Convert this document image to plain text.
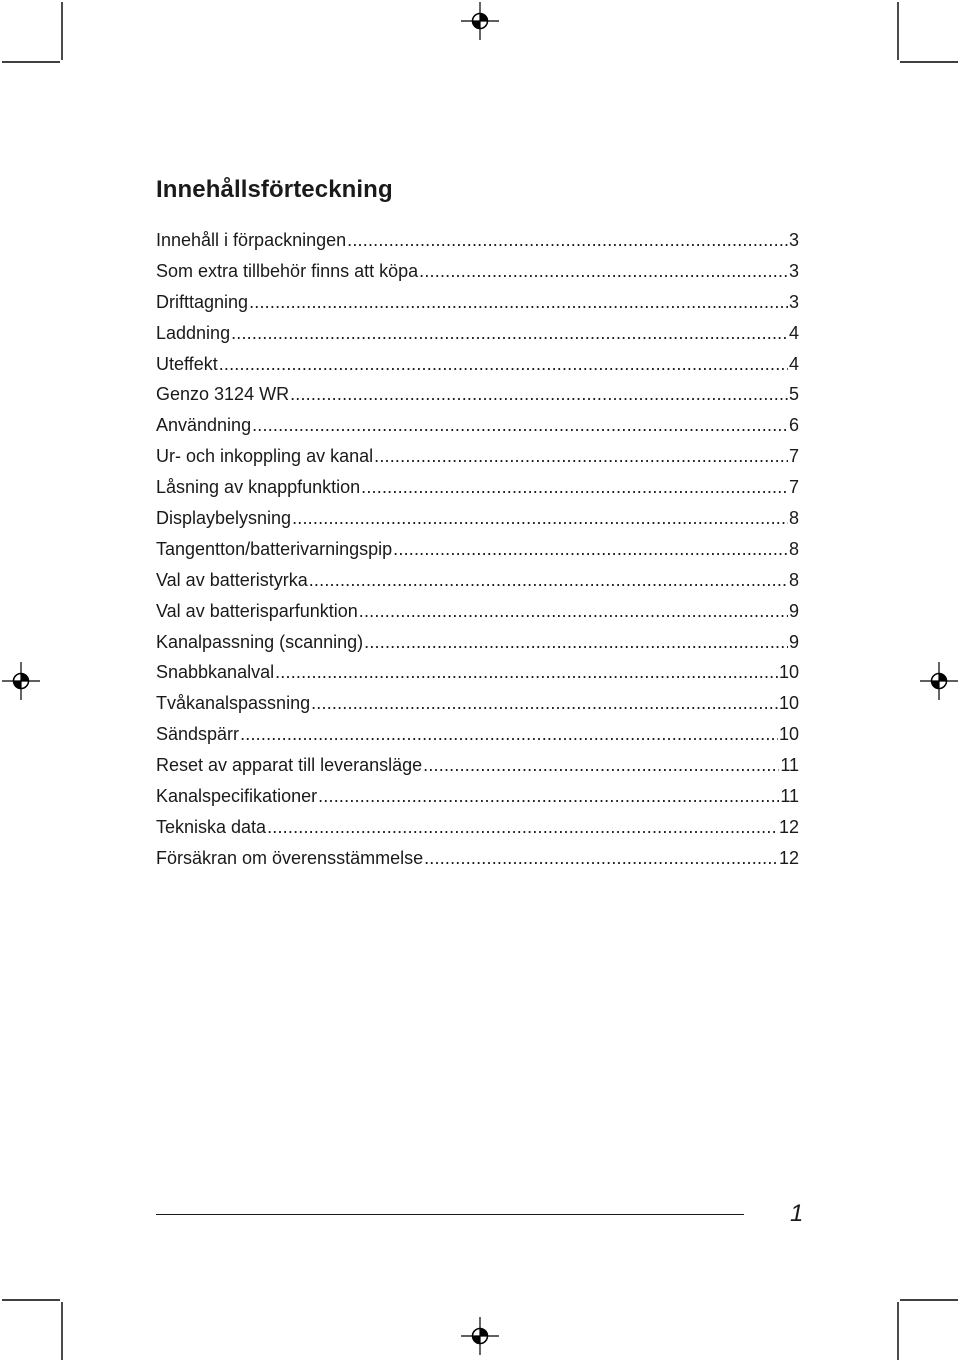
Innehållsförteckning
Innehåll i förpackningen .....	3
Som extra tillbehör finns att köpa .....	3
Drifttagning .....	3
Laddning .....	4
Uteffekt .....	4
Genzo 3124 WR .....	5
Användning .....	6
Ur- och inkoppling av kanal .....	7
Låsning av knappfunktion .....	7
Displaybelysning .....	8
Tangentton/batterivarningspip .....	8
Val av batteristyrka .....	8
Val av batterisparfunktion .....	9
Kanalpassning (scanning) .....	9
Snabbkanalval .....	10
Tvåkanalspassning .....	10
Sändspärr .....	10
Reset av apparat till leveransläge .....	11
Kanalspecifikationer .....	11
Tekniska data .....	12
Försäkran om överensstämmelse .....	12
1
